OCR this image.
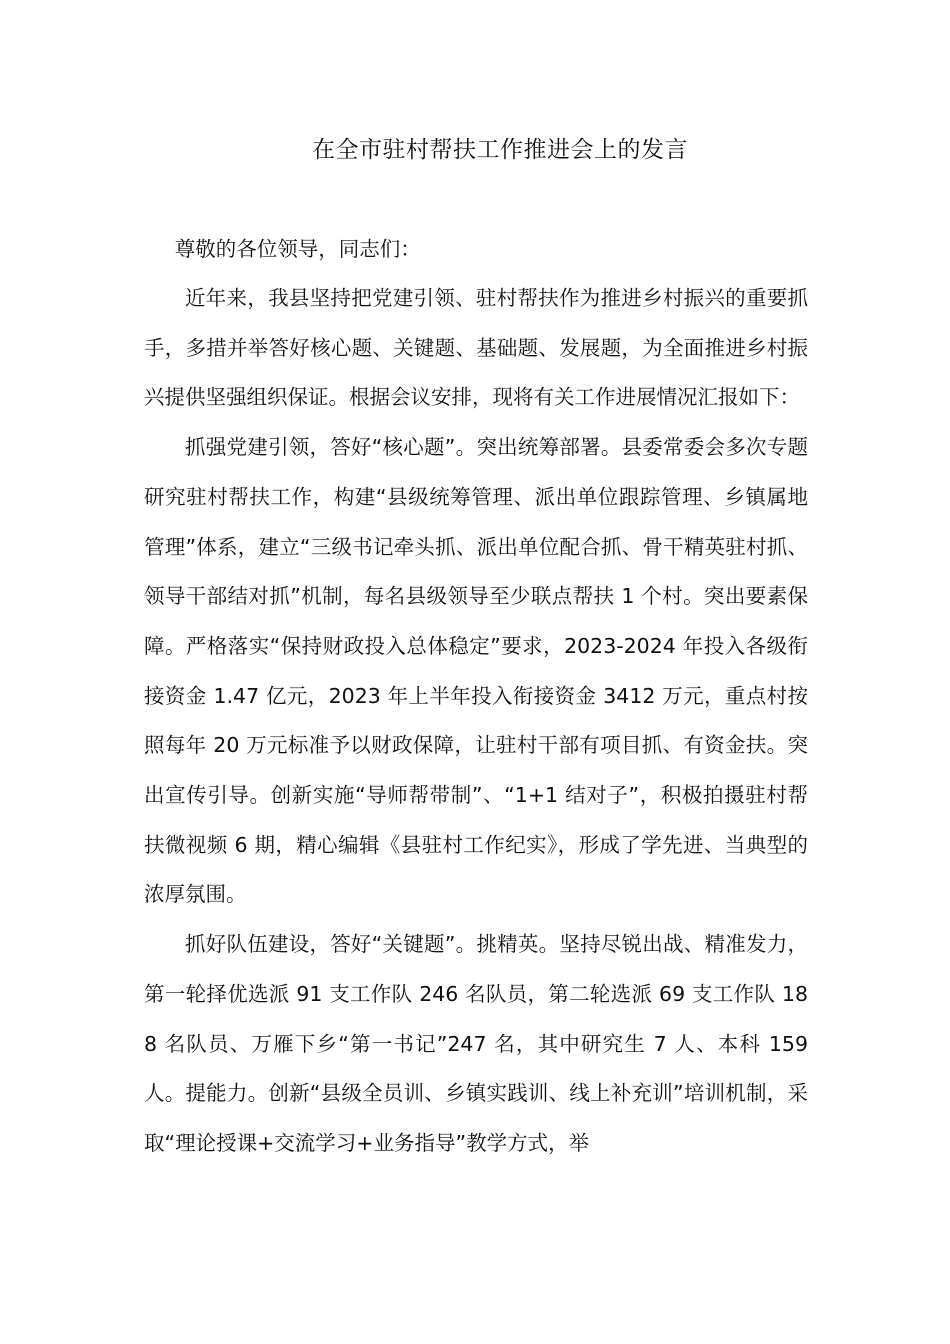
在全市驻村帮扶工作推进会上的发言

尊敬的各位领导，同志们：

近年来，我县坚持把党建引领、驻村帮扶作为推进乡村振兴的重要抓手，多措并举答好核心题、关键题、基础题、发展题，为全面推进乡村振兴提供坚强组织保证。根据会议安排，现将有关工作进展情况汇报如下：

抓强党建引领，答好“核心题”。突出统筹部署。县委常委会多次专题研究驻村帮扶工作，构建“县级统筹管理、派出单位跟踪管理、乡镇属地管理”体系，建立“三级书记牵头抓、派出单位配合抓、骨干精英驻村抓、领导干部结对抓”机制，每名县级领导至少联点帮扶 1 个村。突出要素保障。严格落实“保持财政投入总体稳定”要求，2023-2024 年投入各级衔接资金 1.47 亿元，2023 年上半年投入衔接资金 3412 万元，重点村按照每年 20 万元标准予以财政保障，让驻村干部有项目抓、有资金扶。突出宣传引导。创新实施“导师帮带制”、“1+1 结对子”，积极拍摄驻村帮扶微视频 6 期，精心编辑《县驻村工作纪实》，形成了学先进、当典型的浓厚氛围。

抓好队伍建设，答好“关键题”。挑精英。坚持尽锐出战、精准发力，第一轮择优选派 91 支工作队 246 名队员，第二轮选派 69 支工作队 188 名队员、万雁下乡“第一书记”247 名，其中研究生 7 人、本科 159 人。提能力。创新“县级全员训、乡镇实践训、线上补充训”培训机制，采取“理论授课+交流学习+业务指导”教学方式，举
